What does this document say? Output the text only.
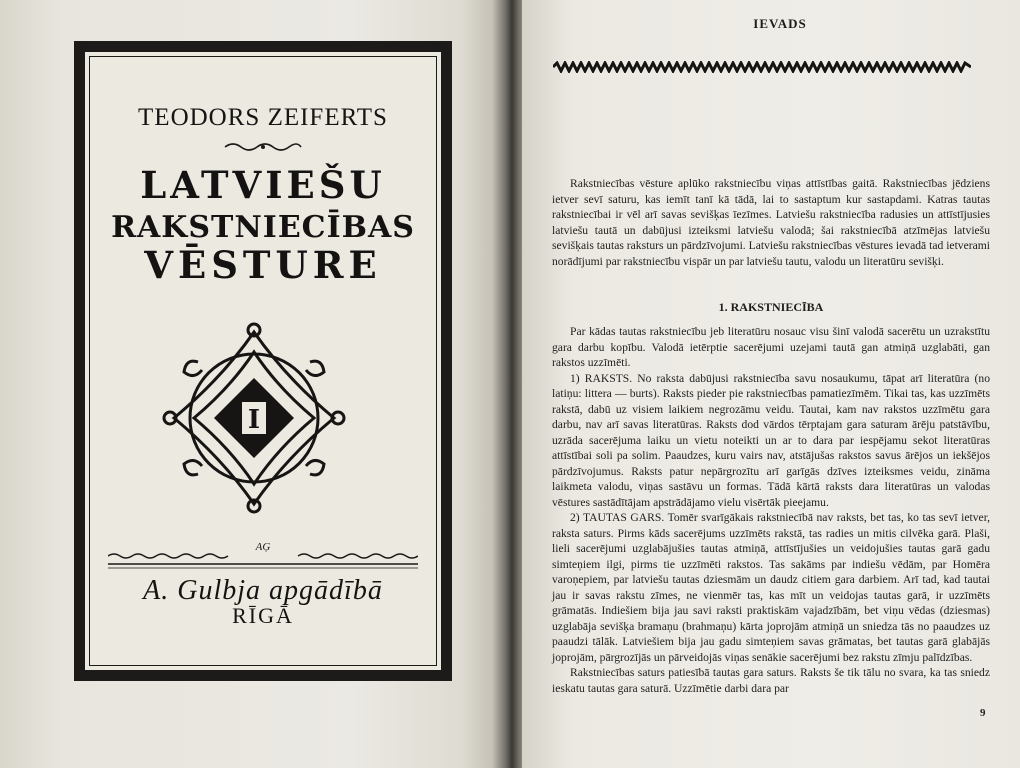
TEODORS ZEIFERTS
LATVIEŠU
RAKSTNIECĪBAS
VĒSTURE
I
AĢ
A. Gulbja apgādībā
RĪGĀ
IEVADS

Rakstniecības vēsture aplūko rakstniecību viņas attīstības gaitā. Rakstniecības jēdziens ietver sevī saturu, kas iemīt tanī kā tādā, lai to sastaptum kur sastapdami. Katras tautas rakstniecībai ir vēl arī savas sevišķas īezīmes. Latviešu rakstniecība radusies un attīstījusies latviešu tautā un dabūjusi izteiksmi latviešu valodā; šai rakstniecībā atzīmējas latviešu sevišķais tautas raksturs un pārdzīvojumi. Latviešu rakstniecības vēstures ievadā tad ietverami norādījumi par rakstniecību vispār un par latviešu tautu, valodu un literatūru sevišķi.

1. RAKSTNIECĪBA

Par kādas tautas rakstniecību jeb literatūru nosauc visu šinī valodā sacerētu un uzrakstītu gara darbu kopību. Valodā ietērptie sacerējumi uzejami tautā gan atmiņā uzglabāti, gan rakstos uzzīmēti.

1) RAKSTS. No raksta dabūjusi rakstniecība savu nosaukumu, tāpat arī literatūra (no latiņu: littera — burts). Raksts pieder pie rakstniecības pamatiezīmēm. Tikai tas, kas uzzīmēts rakstā, dabū uz visiem laikiem negrozāmu veidu. Tautai, kam nav rakstos uzzīmētu gara darbu, nav arī savas literatūras. Raksts dod vārdos tērptajam gara saturam ārēju patstāvību, uzrāda sacerējuma laiku un vietu noteikti un ar to dara par iespējamu sekot literatūras attīstībai soli pa solim. Paaudzes, kuru vairs nav, atstājušas rakstos savus ārējos un iekšējos pārdzīvojumus. Raksts patur nepārgrozītu arī garīgās dzīves izteiksmes veidu, zināma laikmeta valodu, viņas sastāvu un formas. Tādā kārtā raksts dara literatūras un valodas vēstures sastādītājam apstrādājamo vielu visērtāk pieejamu.

2) TAUTAS GARS. Tomēr svarīgākais rakstniecībā nav raksts, bet tas, ko tas sevī ietver, raksta saturs. Pirms kāds sacerējums uzzīmēts rakstā, tas radies un mitis cilvēka garā. Plaši, lieli sacerējumi uzglabājušies tautas atmiņā, attīstījušies un veidojušies tautas garā gadu simteņiem ilgi, pirms tie uzzīmēti rakstos. Tas sakāms par indiešu vēdām, par Homēra varoņepiem, par latviešu tautas dziesmām un daudz citiem gara darbiem. Arī tad, kad tautai jau ir savas rakstu zīmes, ne vienmēr tas, kas mīt un veidojas tautas garā, ir uzzīmēts grāmatās. Indiešiem bija jau savi raksti praktiskām vajadzībām, bet viņu vēdas (dziesmas) uzglabāja sevišķa bramaņu (brahmaņu) kārta joprojām atmiņā un sniedza tās no paaudzes uz paaudzi tālāk. Latviešiem bija jau gadu simteņiem savas grāmatas, bet tautas garā glabājās joprojām, pārgrozījās un pārveidojās viņas senākie sacerējumi bez rakstu zīmju palīdzības.

Rakstniecības saturs patiesībā tautas gara saturs. Raksts še tik tālu no svara, ka tas sniedz ieskatu tautas gara saturā. Uzzīmētie darbi dara par

9
